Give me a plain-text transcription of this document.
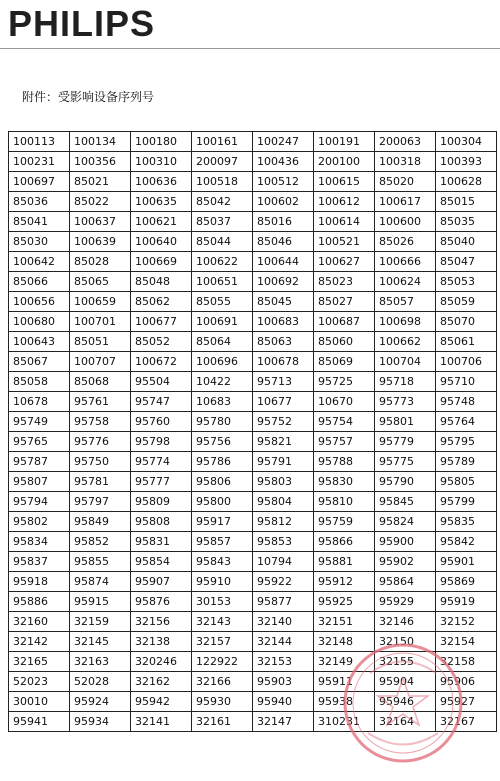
PHILIPS
附件：受影响设备序列号
100113	100134	100180	100161	100247	100191	200063	100304
100231	100356	100310	200097	100436	200100	100318	100393
100697	85021	100636	100518	100512	100615	85020	100628
85036	85022	100635	85042	100602	100612	100617	85015
85041	100637	100621	85037	85016	100614	100600	85035
85030	100639	100640	85044	85046	100521	85026	85040
100642	85028	100669	100622	100644	100627	100666	85047
85066	85065	85048	100651	100692	85023	100624	85053
100656	100659	85062	85055	85045	85027	85057	85059
100680	100701	100677	100691	100683	100687	100698	85070
100643	85051	85052	85064	85063	85060	100662	85061
85067	100707	100672	100696	100678	85069	100704	100706
85058	85068	95504	10422	95713	95725	95718	95710
10678	95761	95747	10683	10677	10670	95773	95748
95749	95758	95760	95780	95752	95754	95801	95764
95765	95776	95798	95756	95821	95757	95779	95795
95787	95750	95774	95786	95791	95788	95775	95789
95807	95781	95777	95806	95803	95830	95790	95805
95794	95797	95809	95800	95804	95810	95845	95799
95802	95849	95808	95917	95812	95759	95824	95835
95834	95852	95831	95857	95853	95866	95900	95842
95837	95855	95854	95843	10794	95881	95902	95901
95918	95874	95907	95910	95922	95912	95864	95869
95886	95915	95876	30153	95877	95925	95929	95919
32160	32159	32156	32143	32140	32151	32146	32152
32142	32145	32138	32157	32144	32148	32150	32154
32165	32163	320246	122922	32153	32149	32155	32158
52023	52028	32162	32166	95903	95911	95904	95906
30010	95924	95942	95930	95940	95938	95946	95927
95941	95934	32141	32161	32147	310231	32164	32167
